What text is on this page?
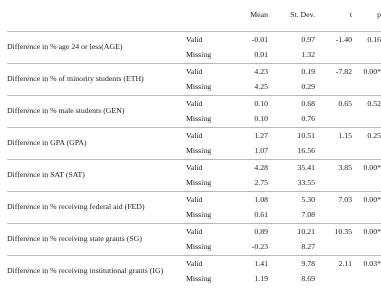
		Mean	St. Dev.	t	p
Difference in % age 24 or less(AGE)	Valid	-0.01	0.97	-1.40	0.16
	Missing	0.01	1.32		
Difference in % of minority students (ETH)	Valid	4.23	0.19	-7.82	0.00*
	Missing	4.25	0.29		
Difference in % male students (GEN)	Valid	0.10	0.68	0.65	0.52
	Missing	0.10	0.76		
Difference in GPA (GPA)	Valid	1.27	10.51	1.15	0.25
	Missing	1.07	16.56		
Difference in SAT (SAT)	Valid	4.28	35.41	3.85	0.00*
	Missing	2.75	33.55		
Difference in % receiving federal aid (FED)	Valid	1.08	5.30	7.03	0.00*
	Missing	0.61	7.08		
Difference in % receiving state grants (SG)	Valid	0.89	10.21	10.35	0.00*
	Missing	-0.23	8.27		
Difference in % receiving institutional grants (IG)	Valid	1.41	9.78	2.11	0.03*
	Missing	1.19	8.69		
